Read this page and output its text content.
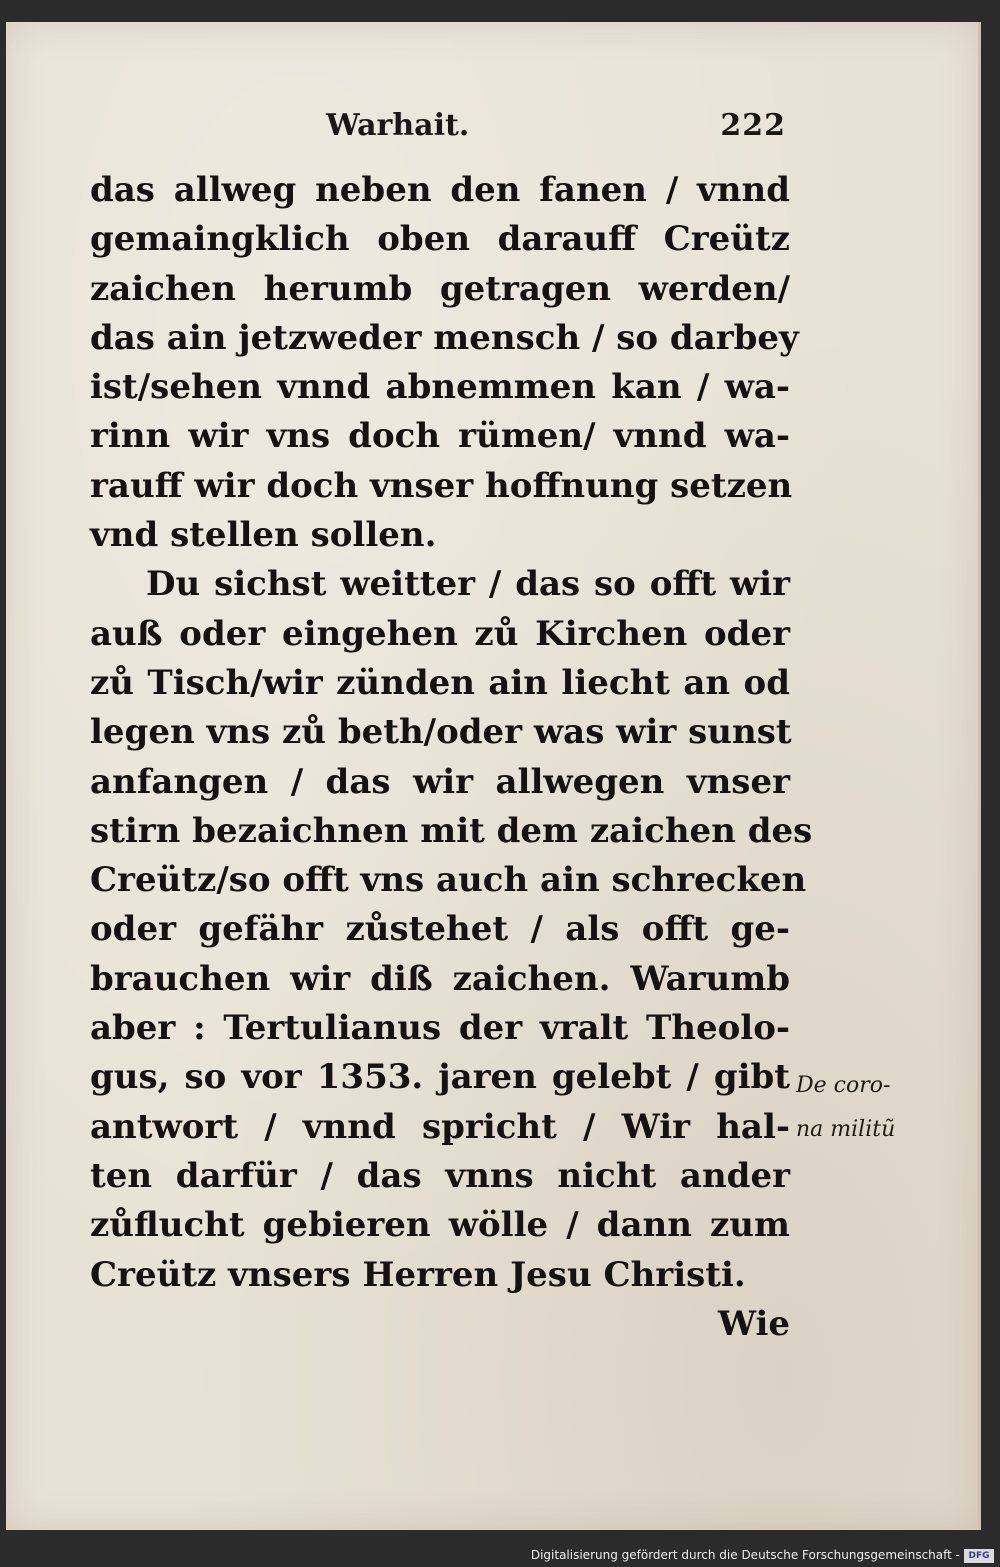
Warhait.	222
das allweg neben den fanen / vnnd
gemaingklich oben darauff Creütz
zaichen herumb getragen werden/
das ain jetzweder mensch / so darbey
ist/sehen vnnd abnemmen kan / wa-
rinn wir vns doch rümen/ vnnd wa-
rauff wir doch vnser hoffnung setzen
vnd stellen sollen.
Du sichst weitter / das so offt wir
auß oder eingehen zů Kirchen oder
zů Tisch/wir zünden ain liecht an od
legen vns zů beth/oder was wir sunst
anfangen / das wir allwegen vnser
stirn bezaichnen mit dem zaichen des
Creütz/so offt vns auch ain schrecken
oder gefähr zůstehet / als offt ge-
brauchen wir diß zaichen. Warumb
aber : Tertulianus der vralt Theolo-
gus, so vor 1353. jaren gelebt / gibt
antwort / vnnd spricht / Wir hal-
ten darfür / das vnns nicht ander
zůflucht gebieren wölle / dann zum
Creütz vnsers Herren Jesu Christi.
Wie
De coro-
na militũ
Digitalisierung gefördert durch die Deutsche Forschungsgemeinschaft - DFG
